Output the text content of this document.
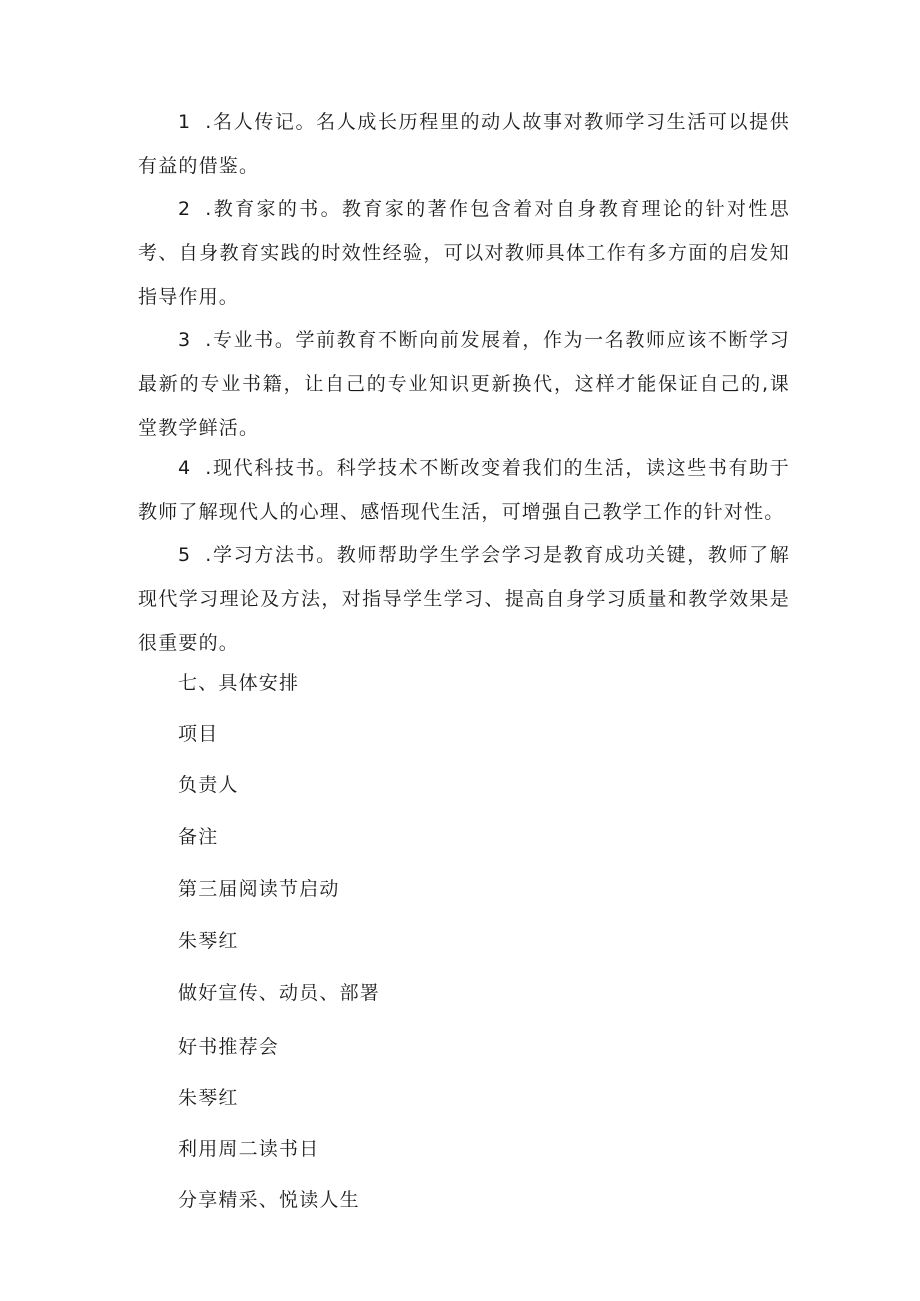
1 .名人传记。名人成长历程里的动人故事对教师学习生活可以提供有益的借鉴。

2 .教育家的书。教育家的著作包含着对自身教育理论的针对性思考、自身教育实践的时效性经验，可以对教师具体工作有多方面的启发知指导作用。

3 .专业书。学前教育不断向前发展着，作为一名教师应该不断学习最新的专业书籍，让自己的专业知识更新换代，这样才能保证自己的,课堂教学鲜活。

4 .现代科技书。科学技术不断改变着我们的生活，读这些书有助于教师了解现代人的心理、感悟现代生活，可增强自己教学工作的针对性。

5 .学习方法书。教师帮助学生学会学习是教育成功关键，教师了解现代学习理论及方法，对指导学生学习、提高自身学习质量和教学效果是很重要的。

七、具体安排

项目

负责人

备注

第三届阅读节启动

朱琴红

做好宣传、动员、部署

好书推荐会

朱琴红

利用周二读书日

分享精采、悦读人生
